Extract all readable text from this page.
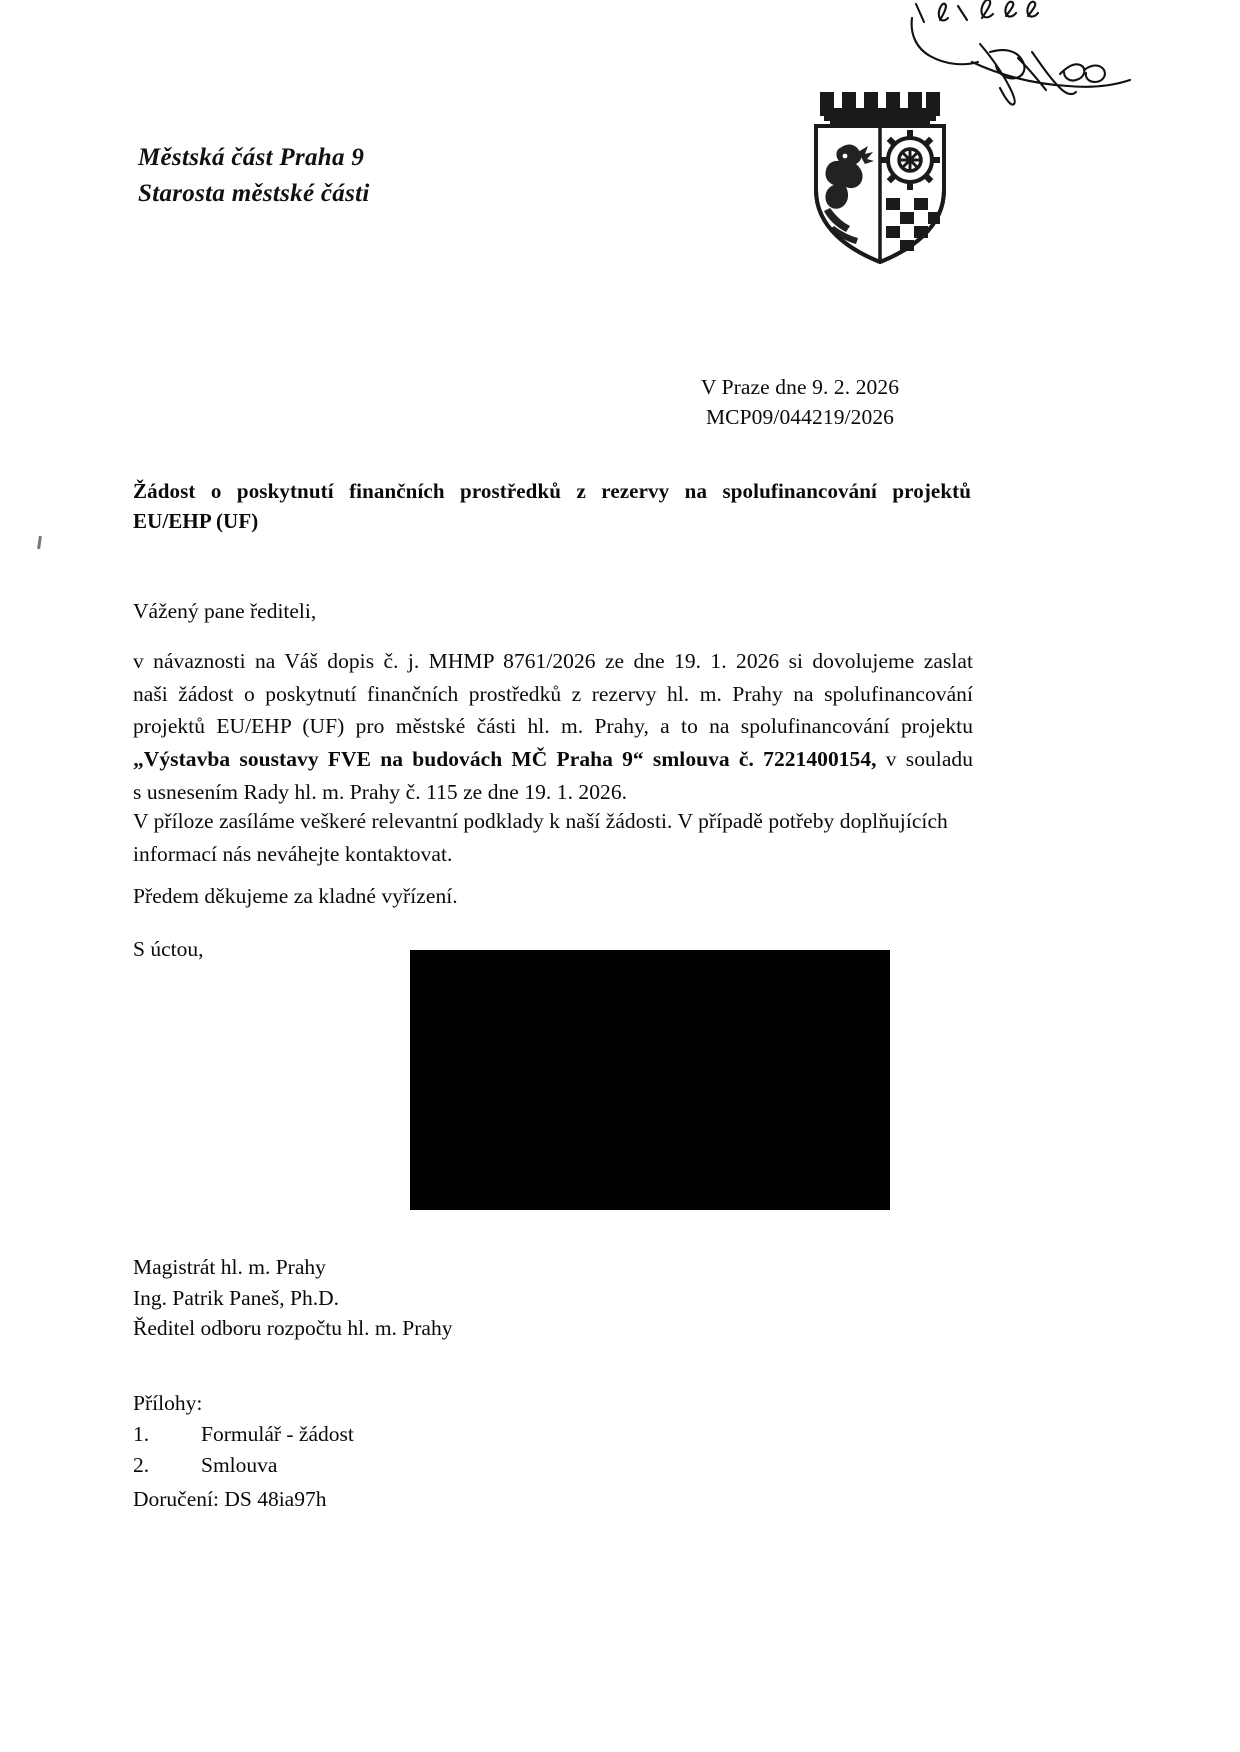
Městská část Praha 9
Starosta městské části
V Praze dne 9. 2. 2026
MCP09/044219/2026
Žádost o poskytnutí finančních prostředků z rezervy na spolufinancování projektů
EU/EHP (UF)
Vážený pane řediteli,
v návaznosti na Váš dopis č. j. MHMP 8761/2026 ze dne 19. 1. 2026 si dovolujeme zaslat
naši žádost o poskytnutí finančních prostředků z rezervy hl. m. Prahy na spolufinancování
projektů EU/EHP (UF) pro městské části hl. m. Prahy, a to na spolufinancování projektu
„Výstavba soustavy FVE na budovách MČ Praha 9“ smlouva č. 7221400154, v souladu
s usnesením Rady hl. m. Prahy č. 115 ze dne 19. 1. 2026.
V příloze zasíláme veškeré relevantní podklady k naší žádosti. V případě potřeby doplňujících
informací nás neváhejte kontaktovat.
Předem děkujeme za kladné vyřízení.
S úctou,
Magistrát hl. m. Prahy
Ing. Patrik Paneš, Ph.D.
Ředitel odboru rozpočtu hl. m. Prahy
Přílohy:
1. Formulář - žádost
2. Smlouva
Doručení: DS 48ia97h
